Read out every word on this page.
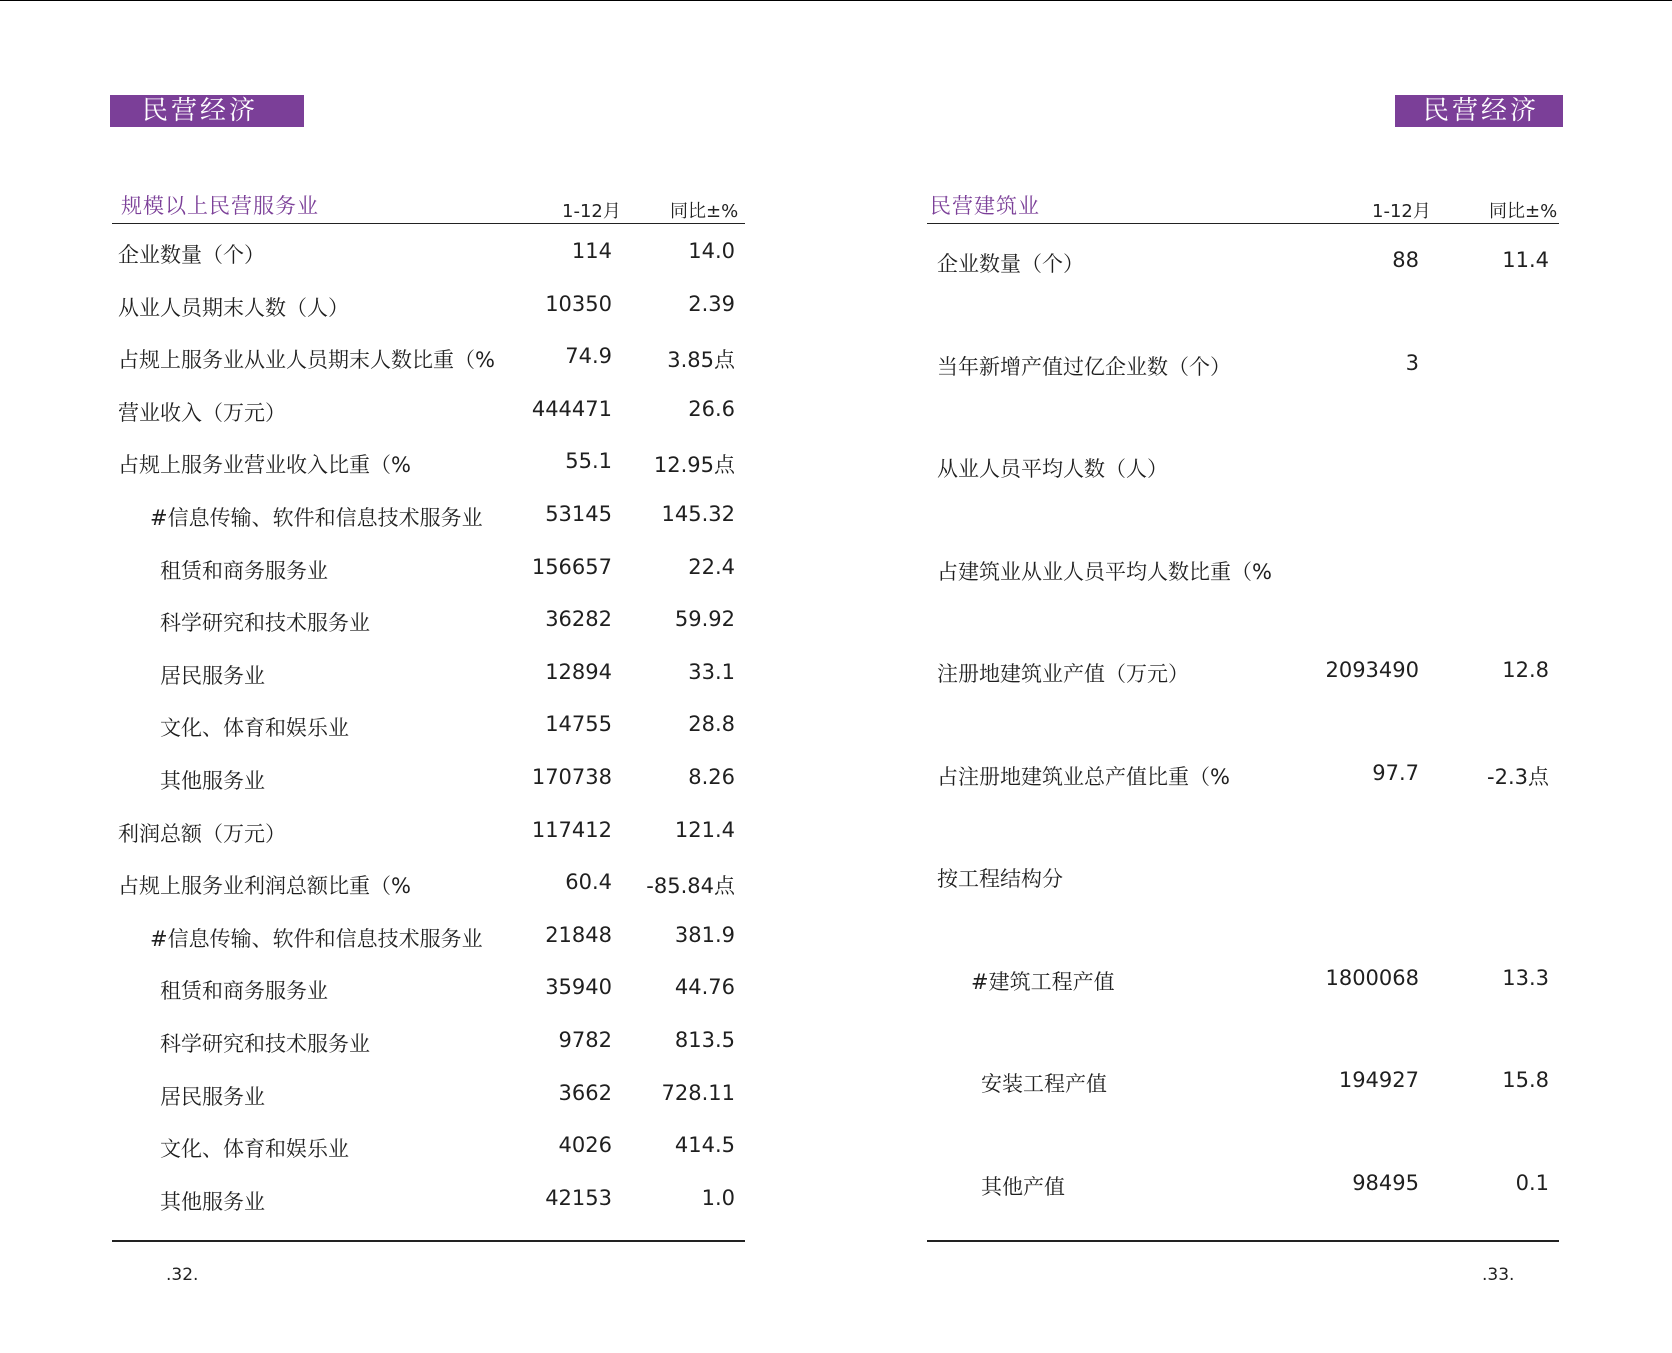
民营经济	民营经济
规模以上民营服务业	1-12月	同比±%
企业数量（个）	114	14.0
从业人员期末人数（人）	10350	2.39
占规上服务业从业人员期末人数比重（%	74.9	3.85点
营业收入（万元）	444471	26.6
占规上服务业营业收入比重（%	55.1 12.95点
#信息传输、软件和信息技术服务业	53145 145.32
租赁和商务服务业	156657	22.4
科学研究和技术服务业	36282	59.92
居民服务业	12894	33.1
文化、体育和娱乐业	14755	28.8
其他服务业	170738	8.26
利润总额（万元）	117412	121.4
占规上服务业利润总额比重（%	60.4 -85.84点
#信息传输、软件和信息技术服务业	21848	381.9
租赁和商务服务业	35940	44.76
科学研究和技术服务业	9782	813.5
居民服务业	3662 728.11
文化、体育和娱乐业	4026	414.5
其他服务业	42153	1.0
民营建筑业	1-12月	同比±%
企业数量（个）	88	11.4
当年新增产值过亿企业数（个）	3
从业人员平均人数（人）
占建筑业从业人员平均人数比重（%
注册地建筑业产值（万元）	2093490	12.8
占注册地建筑业总产值比重（%	97.7	-2.3点
按工程结构分
#建筑工程产值	1800068	13.3
安装工程产值	194927	15.8
其他产值	98495	0.1
.32.	.33.
